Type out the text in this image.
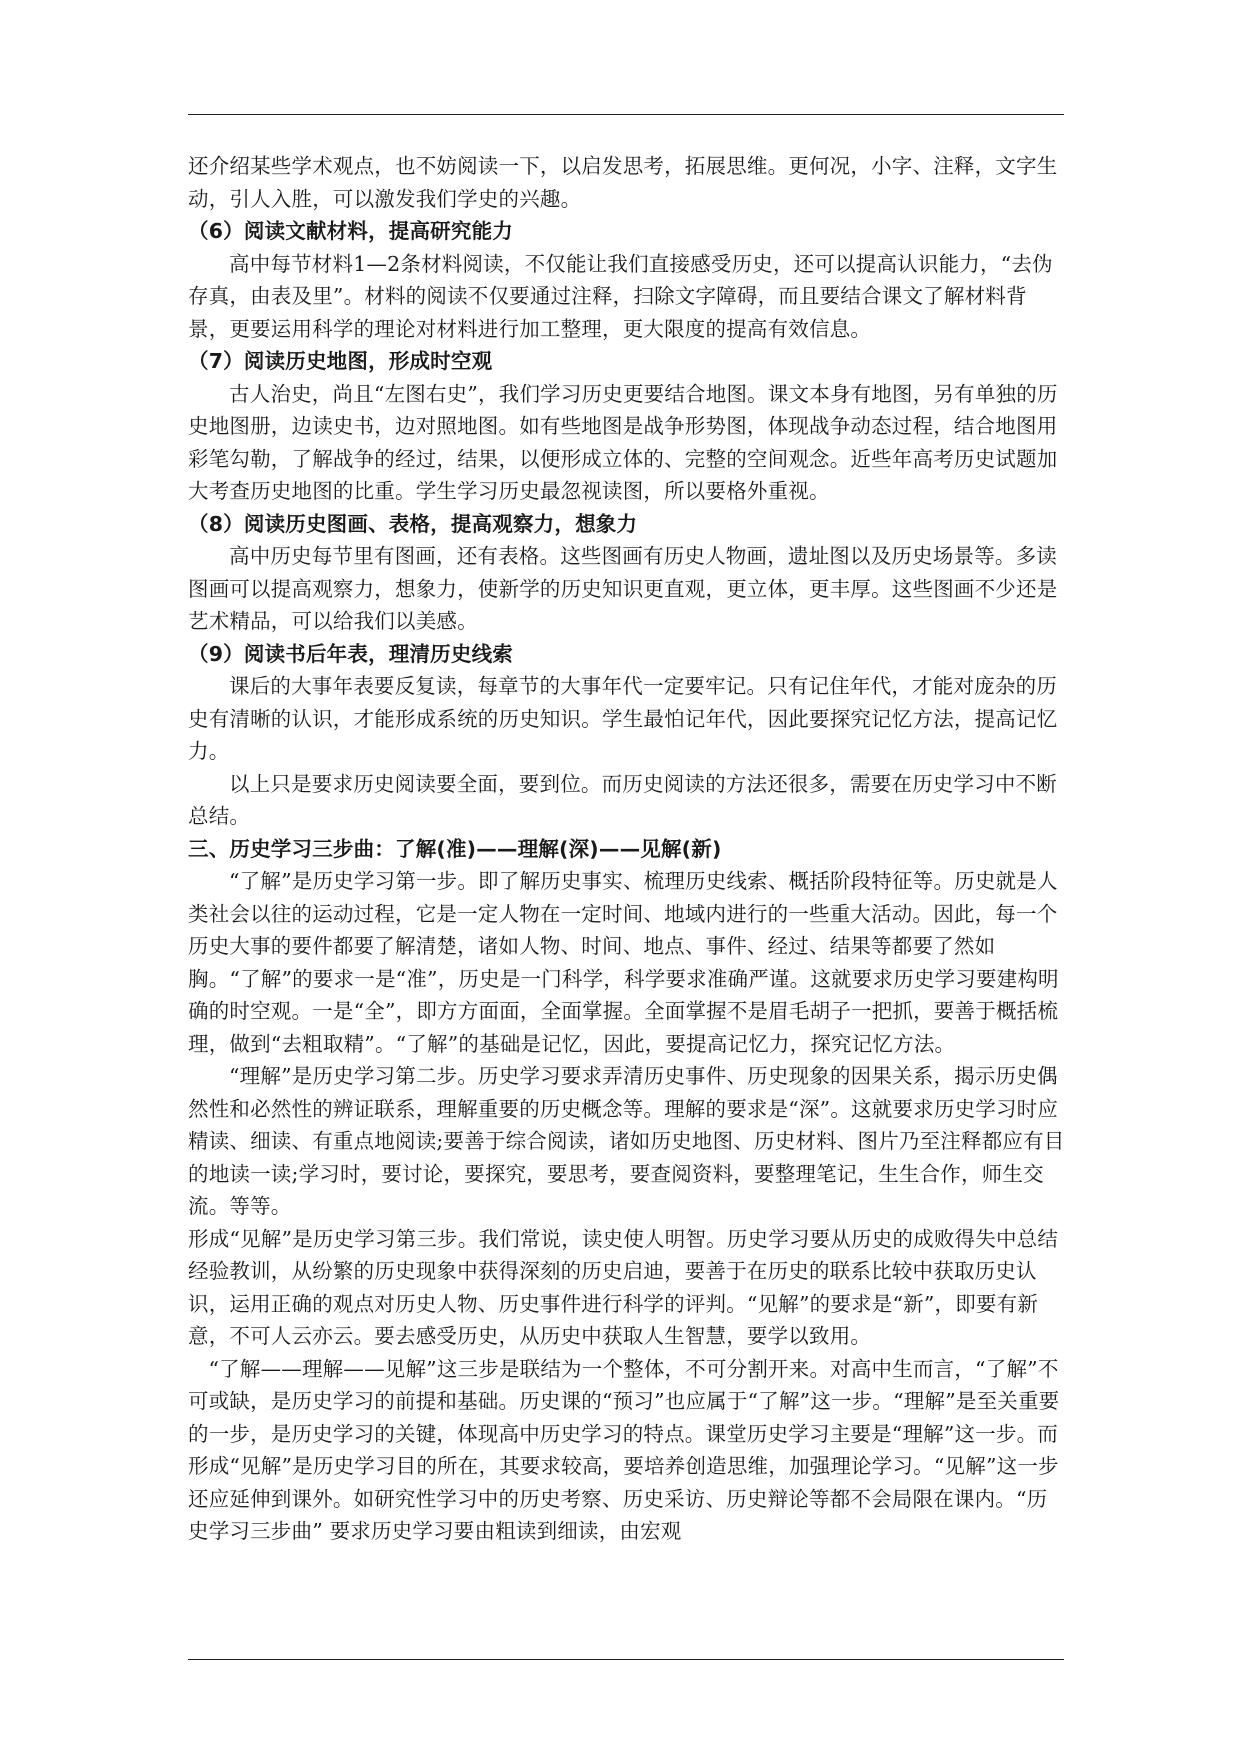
还介绍某些学术观点，也不妨阅读一下，以启发思考，拓展思维。更何况，小字、注释，文字生动，引人入胜，可以激发我们学史的兴趣。

（6）阅读文献材料，提高研究能力

高中每节材料1—2条材料阅读，不仅能让我们直接感受历史，还可以提高认识能力，“去伪存真，由表及里”。材料的阅读不仅要通过注释，扫除文字障碍，而且要结合课文了解材料背景，更要运用科学的理论对材料进行加工整理，更大限度的提高有效信息。

（7）阅读历史地图，形成时空观

古人治史，尚且“左图右史”，我们学习历史更要结合地图。课文本身有地图，另有单独的历史地图册，边读史书，边对照地图。如有些地图是战争形势图，体现战争动态过程，结合地图用彩笔勾勒，了解战争的经过，结果，以便形成立体的、完整的空间观念。近些年高考历史试题加大考查历史地图的比重。学生学习历史最忽视读图，所以要格外重视。

（8）阅读历史图画、表格，提高观察力，想象力

高中历史每节里有图画，还有表格。这些图画有历史人物画，遗址图以及历史场景等。多读图画可以提高观察力，想象力，使新学的历史知识更直观，更立体，更丰厚。这些图画不少还是艺术精品，可以给我们以美感。

（9）阅读书后年表，理清历史线索

课后的大事年表要反复读，每章节的大事年代一定要牢记。只有记住年代，才能对庞杂的历史有清晰的认识，才能形成系统的历史知识。学生最怕记年代，因此要探究记忆方法，提高记忆力。

以上只是要求历史阅读要全面，要到位。而历史阅读的方法还很多，需要在历史学习中不断总结。

三、历史学习三步曲：了解(准)——理解(深)——见解(新)

“了解”是历史学习第一步。即了解历史事实、梳理历史线索、概括阶段特征等。历史就是人类社会以往的运动过程，它是一定人物在一定时间、地域内进行的一些重大活动。因此，每一个历史大事的要件都要了解清楚，诸如人物、时间、地点、事件、经过、结果等都要了然如胸。“了解”的要求一是“准”，历史是一门科学，科学要求准确严谨。这就要求历史学习要建构明确的时空观。一是“全”，即方方面面，全面掌握。全面掌握不是眉毛胡子一把抓，要善于概括梳理，做到“去粗取精”。“了解”的基础是记忆，因此，要提高记忆力，探究记忆方法。

“理解”是历史学习第二步。历史学习要求弄清历史事件、历史现象的因果关系，揭示历史偶然性和必然性的辨证联系，理解重要的历史概念等。理解的要求是“深”。这就要求历史学习时应精读、细读、有重点地阅读;要善于综合阅读，诸如历史地图、历史材料、图片乃至注释都应有目的地读一读;学习时，要讨论，要探究，要思考，要查阅资料，要整理笔记，生生合作，师生交流。等等。

形成“见解”是历史学习第三步。我们常说，读史使人明智。历史学习要从历史的成败得失中总结经验教训，从纷繁的历史现象中获得深刻的历史启迪，要善于在历史的联系比较中获取历史认识，运用正确的观点对历史人物、历史事件进行科学的评判。“见解”的要求是“新”，即要有新意，不可人云亦云。要去感受历史，从历史中获取人生智慧，要学以致用。

“了解——理解——见解”这三步是联结为一个整体，不可分割开来。对高中生而言，“了解”不可或缺，是历史学习的前提和基础。历史课的“预习”也应属于“了解”这一步。“理解”是至关重要的一步，是历史学习的关键，体现高中历史学习的特点。课堂历史学习主要是“理解”这一步。而形成“见解”是历史学习目的所在，其要求较高，要培养创造思维，加强理论学习。“见解”这一步还应延伸到课外。如研究性学习中的历史考察、历史采访、历史辩论等都不会局限在课内。“历史学习三步曲” 要求历史学习要由粗读到细读，由宏观
